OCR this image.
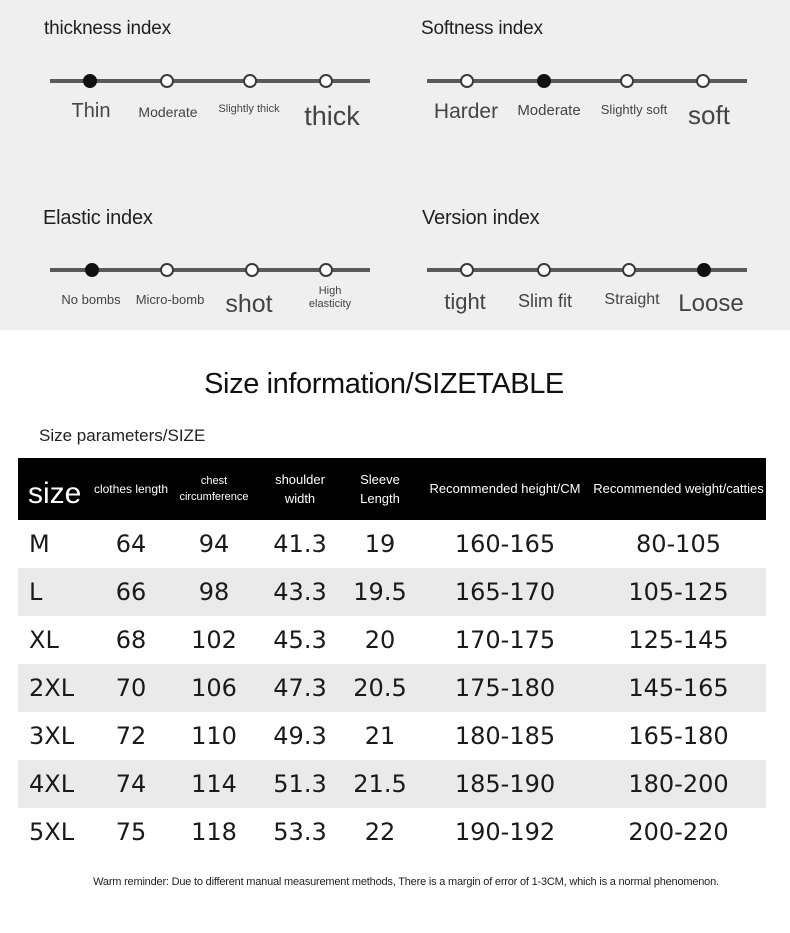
thickness index
Thin Moderate Slightly thick thick
Softness index
Harder Moderate Slightly soft soft
Elastic index
No bombs Micro-bomb shot	High elasticity
Version index
tight Slim fit Straight Loose
Size information/SIZETABLE
Size parameters/SIZE
size	clothes length	chest circumference	shoulder width	Sleeve Length	Recommended height/CM	Recommended weight/catties
M	64	94	41.3	19	160-165	80-105
L	66	98	43.3	19.5	165-170	105-125
XL	68	102	45.3	20	170-175	125-145
2XL	70	106	47.3	20.5	175-180	145-165
3XL	72	110	49.3	21	180-185	165-180
4XL	74	114	51.3	21.5	185-190	180-200
5XL	75	118	53.3	22	190-192	200-220
Warm reminder: Due to different manual measurement methods, There is a margin of error of 1-3CM, which is a normal phenomenon.
